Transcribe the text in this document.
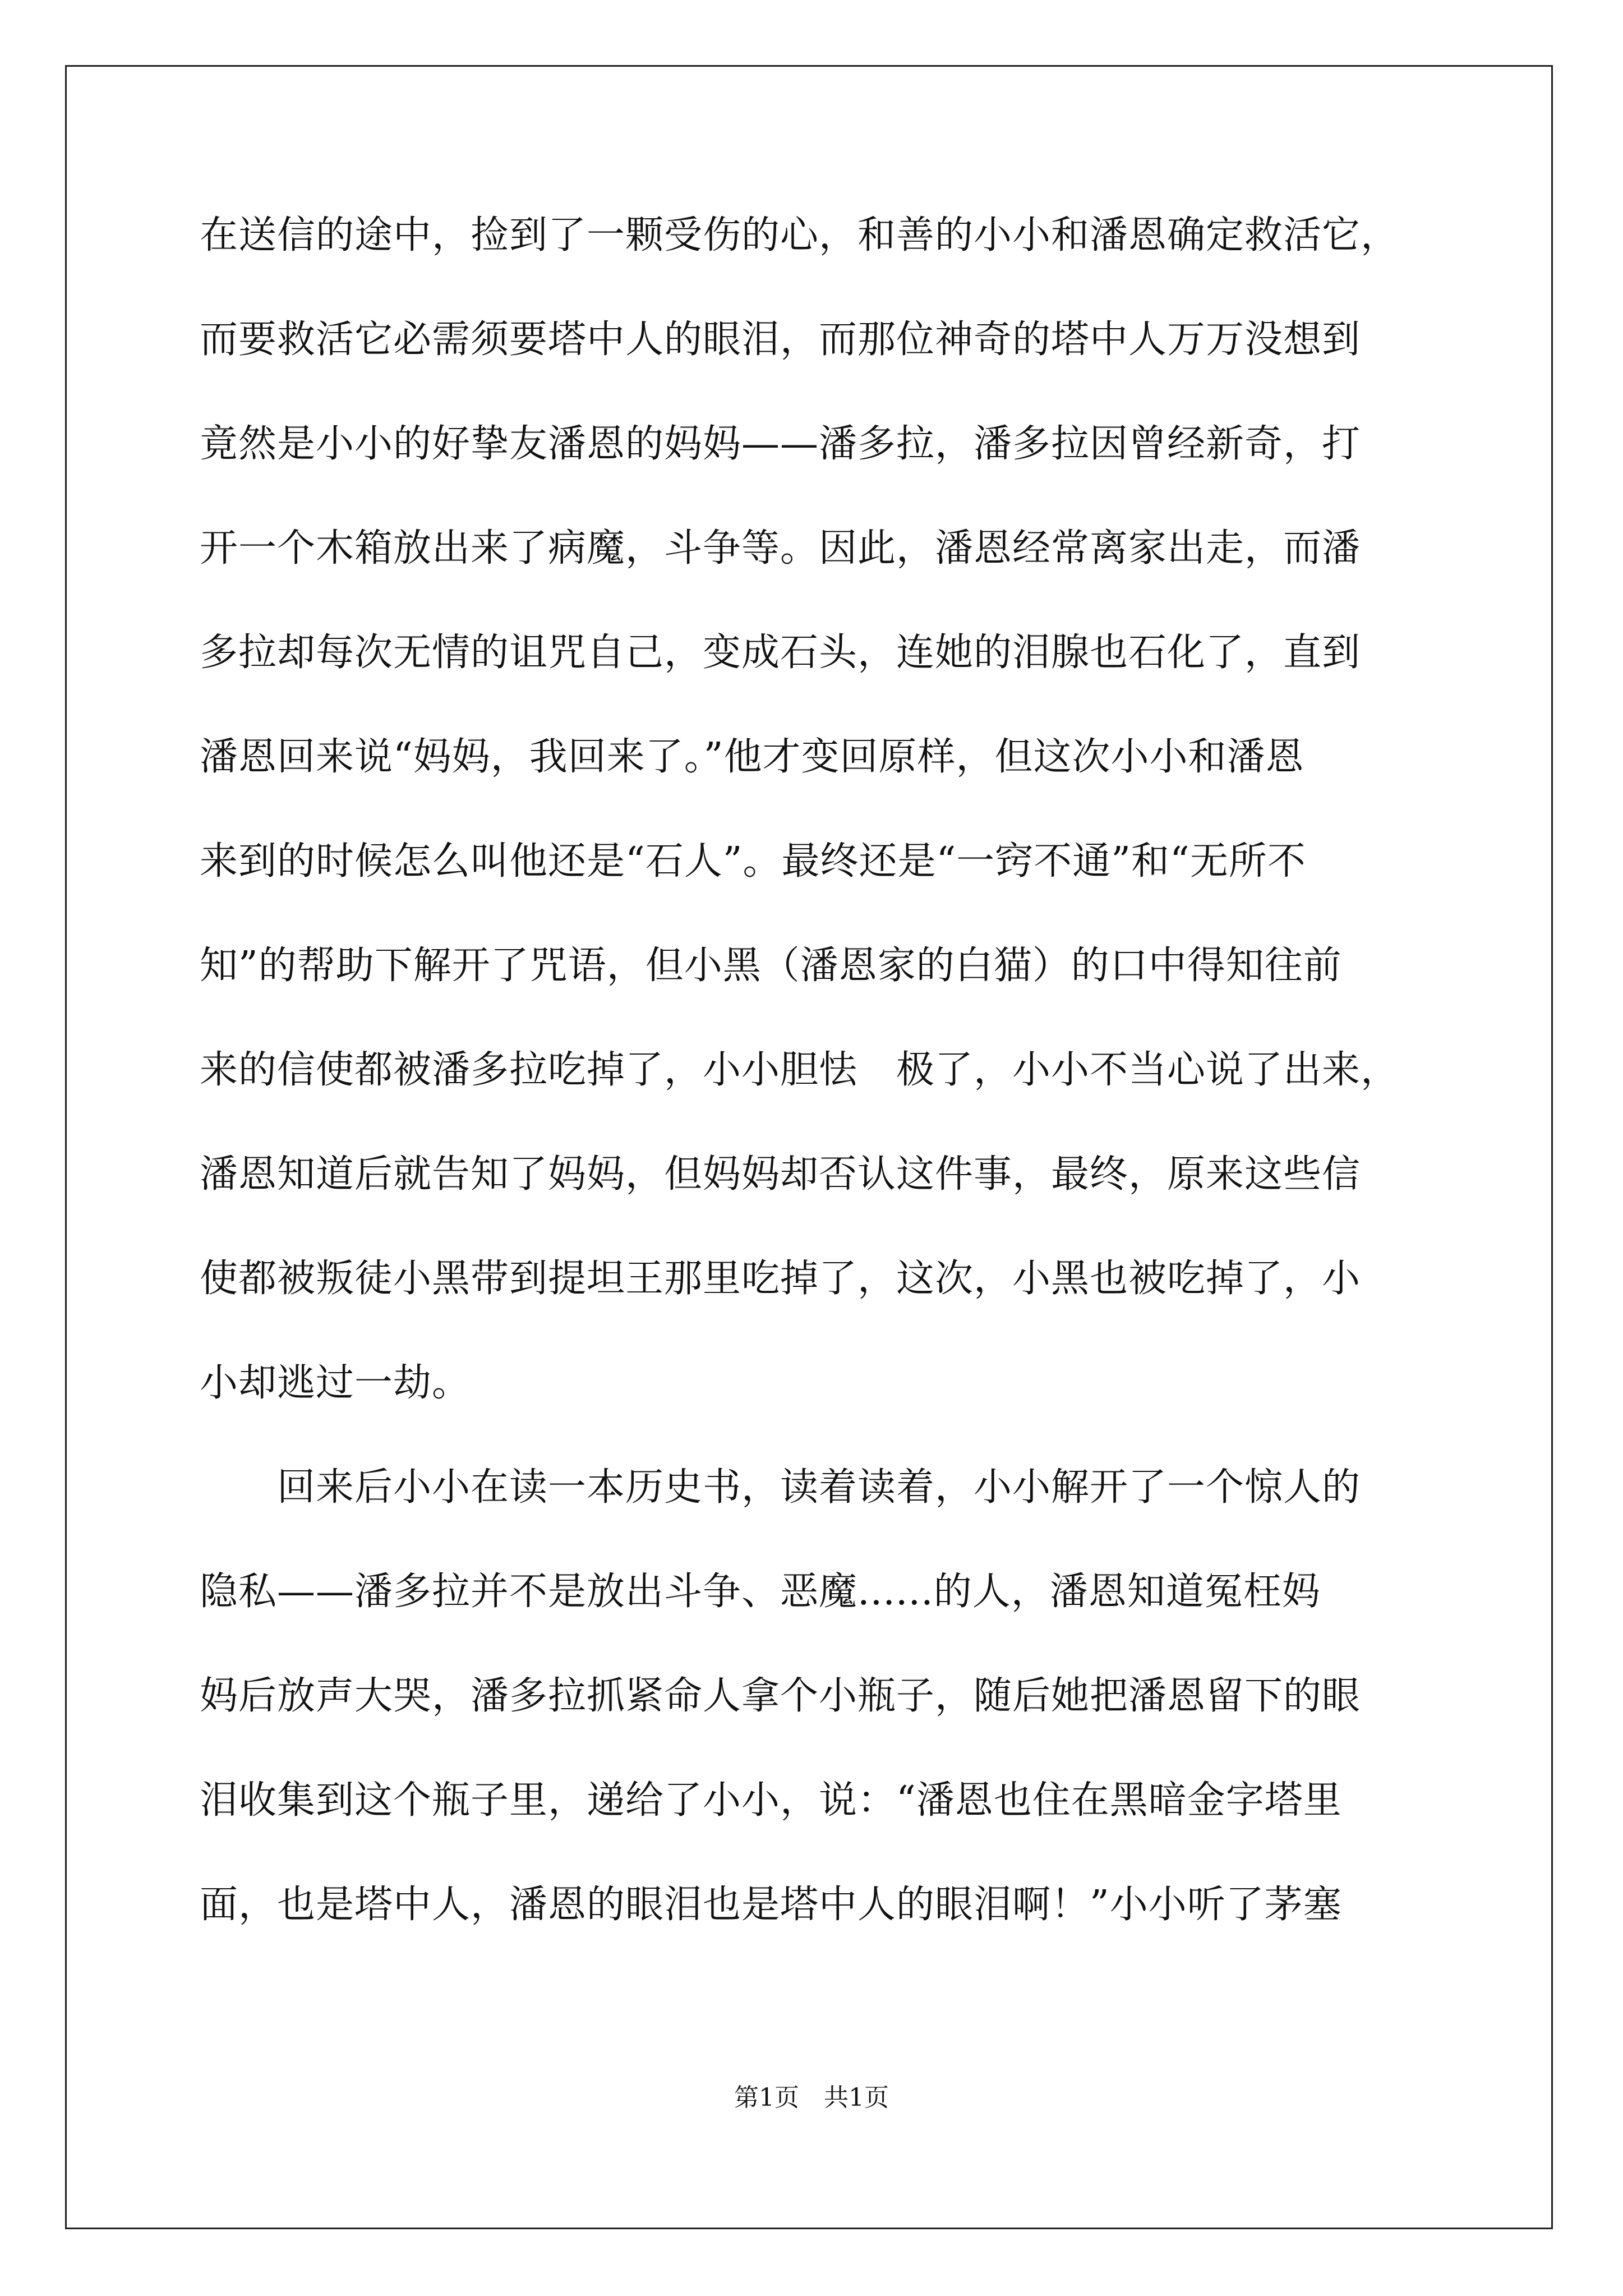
在送信的途中，捡到了一颗受伤的心，和善的小小和潘恩确定救活它，
而要救活它必需须要塔中人的眼泪，而那位神奇的塔中人万万没想到
竟然是小小的好挚友潘恩的妈妈——潘多拉，潘多拉因曾经新奇，打
开一个木箱放出来了病魔，斗争等。因此，潘恩经常离家出走，而潘
多拉却每次无情的诅咒自己，变成石头，连她的泪腺也石化了，直到
潘恩回来说“妈妈，我回来了。”他才变回原样，但这次小小和潘恩
来到的时候怎么叫他还是“石人”。最终还是“一窍不通”和“无所不
知”的帮助下解开了咒语，但小黑（潘恩家的白猫）的口中得知往前
来的信使都被潘多拉吃掉了，小小胆怯　极了，小小不当心说了出来，
潘恩知道后就告知了妈妈，但妈妈却否认这件事，最终，原来这些信
使都被叛徒小黑带到提坦王那里吃掉了，这次，小黑也被吃掉了，小
小却逃过一劫。
　　回来后小小在读一本历史书，读着读着，小小解开了一个惊人的
隐私——潘多拉并不是放出斗争、恶魔......的人，潘恩知道冤枉妈
妈后放声大哭，潘多拉抓紧命人拿个小瓶子，随后她把潘恩留下的眼
泪收集到这个瓶子里，递给了小小，说：“潘恩也住在黑暗金字塔里
面，也是塔中人，潘恩的眼泪也是塔中人的眼泪啊！”小小听了茅塞
第1页　共1页
